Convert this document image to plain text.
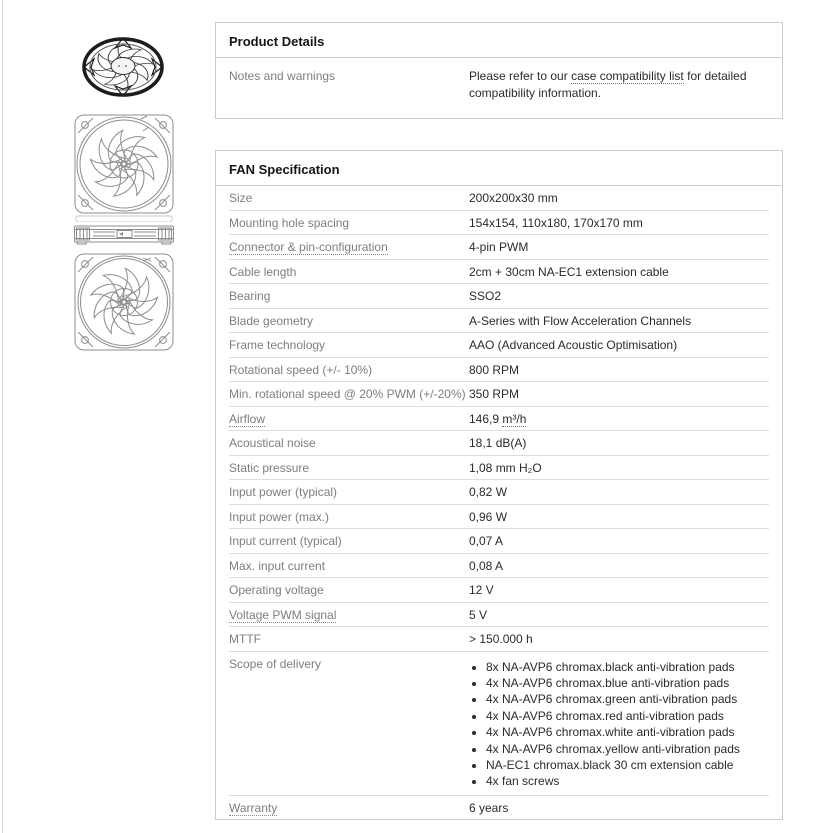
Product Details
Notes and warnings	Please refer to our case compatibility list for detailed compatibility information.
FAN Specification
Size	200x200x30 mm
Mounting hole spacing	154x154, 110x180, 170x170 mm
Connector & pin-configuration	4-pin PWM
Cable length	2cm + 30cm NA-EC1 extension cable
Bearing	SSO2
Blade geometry	A-Series with Flow Acceleration Channels
Frame technology	AAO (Advanced Acoustic Optimisation)
Rotational speed (+/- 10%)	800 RPM
Min. rotational speed @ 20% PWM (+/-20%) 350 RPM
Airflow	146,9 m³/h
Acoustical noise	18,1 dB(A)
Static pressure	1,08 mm H₂O
Input power (typical)	0,82 W
Input power (max.)	0,96 W
Input current (typical)	0,07 A
Max. input current	0,08 A
Operating voltage	12 V
Voltage PWM signal	5 V
MTTF	> 150.000 h
Scope of delivery	• 8x NA-AVP6 chromax.black anti-vibration pads
• 4x NA-AVP6 chromax.blue anti-vibration pads
• 4x NA-AVP6 chromax.green anti-vibration pads
• 4x NA-AVP6 chromax.red anti-vibration pads
• 4x NA-AVP6 chromax.white anti-vibration pads
• 4x NA-AVP6 chromax.yellow anti-vibration pads
• NA-EC1 chromax.black 30 cm extension cable
• 4x fan screws
Warranty	6 years
